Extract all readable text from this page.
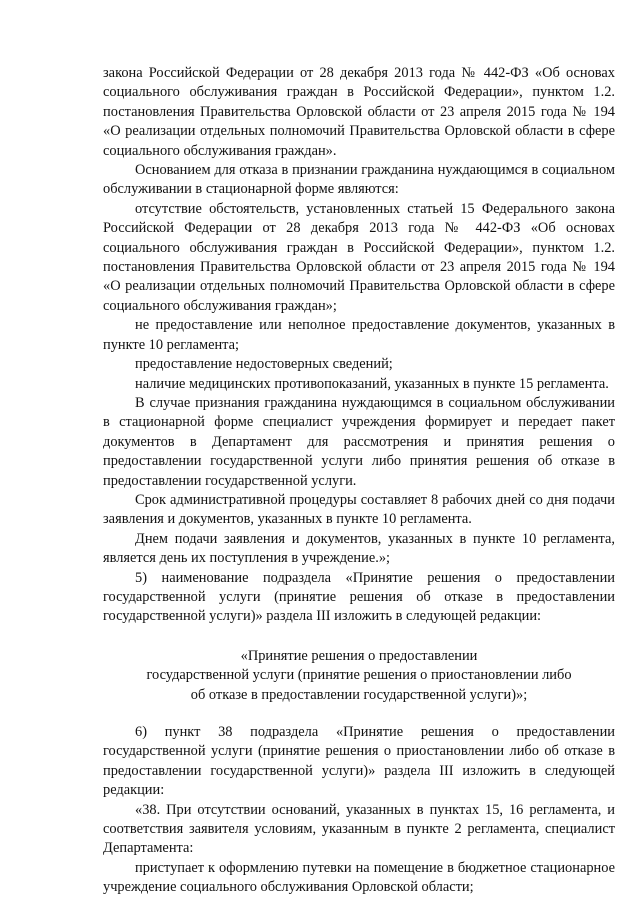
закона Российской Федерации от 28 декабря 2013 года № 442-ФЗ «Об основах социального обслуживания граждан в Российской Федерации», пунктом 1.2. постановления Правительства Орловской области от 23 апреля 2015 года № 194 «О реализации отдельных полномочий Правительства Орловской области в сфере социального обслуживания граждан».

Основанием для отказа в признании гражданина нуждающимся в социальном обслуживании в стационарной форме являются:

отсутствие обстоятельств, установленных статьей 15 Федерального закона Российской Федерации от 28 декабря 2013 года № 442-ФЗ «Об основах социального обслуживания граждан в Российской Федерации», пунктом 1.2. постановления Правительства Орловской области от 23 апреля 2015 года № 194 «О реализации отдельных полномочий Правительства Орловской области в сфере социального обслуживания граждан»;

не предоставление или неполное предоставление документов, указанных в пункте 10 регламента;

предоставление недостоверных сведений;

наличие медицинских противопоказаний, указанных в пункте 15 регламента.

В случае признания гражданина нуждающимся в социальном обслуживании в стационарной форме специалист учреждения формирует и передает пакет документов в Департамент для рассмотрения и принятия решения о предоставлении государственной услуги либо принятия решения об отказе в предоставлении государственной услуги.

Срок административной процедуры составляет 8 рабочих дней со дня подачи заявления и документов, указанных в пункте 10 регламента.

Днем подачи заявления и документов, указанных в пункте 10 регламента, является день их поступления в учреждение.»;

5) наименование подраздела «Принятие решения о предоставлении государственной услуги (принятие решения об отказе в предоставлении государственной услуги)» раздела III изложить в следующей редакции:

«Принятие решения о предоставлении

государственной услуги (принятие решения о приостановлении либо

об отказе в предоставлении государственной услуги)»;

6) пункт 38 подраздела «Принятие решения о предоставлении государственной услуги (принятие решения о приостановлении либо об отказе в предоставлении государственной услуги)» раздела III изложить в следующей редакции:

«38. При отсутствии оснований, указанных в пунктах 15, 16 регламента, и соответствия заявителя условиям, указанным в пункте 2 регламента, специалист Департамента:

приступает к оформлению путевки на помещение в бюджетное стационарное учреждение социального обслуживания Орловской области;
